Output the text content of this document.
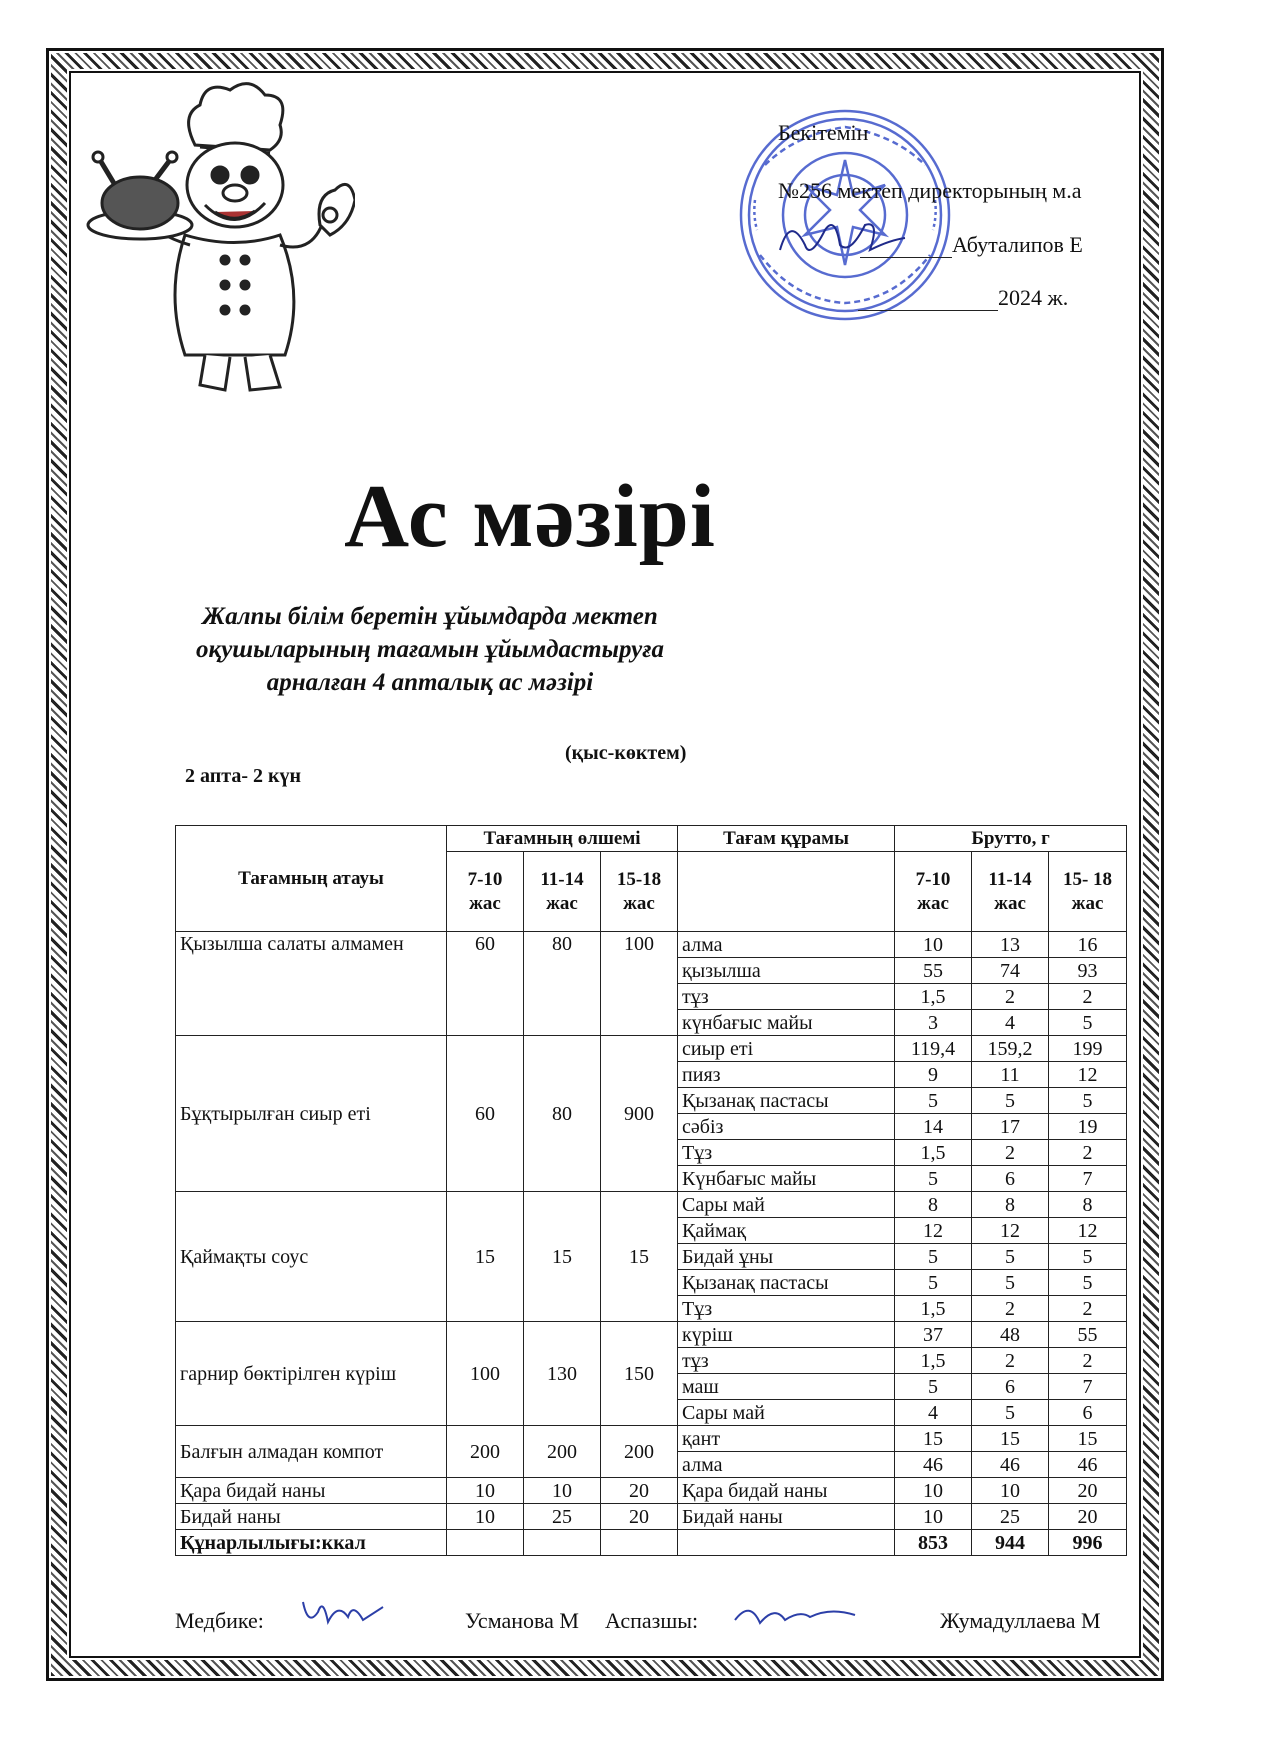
Бекітемін
№256 мектеп директорының м.а
Абуталипов Е
2024 ж.
Ас мәзірі
Жалпы білім беретін ұйымдарда мектеп оқушыларының тағамын ұйымдастыруға арналған 4 апталық ас мәзірі
(қыс-көктем)
2 апта- 2 күн
Тағамның атауы	Тағамның өлшемі			Тағам құрамы	Брутто, г		
	7-10 жас	11-14 жас	15-18 жас		7-10 жас	11-14 жас	15- 18 жас
Қызылша салаты алмамен	60	80	100	алма	10	13	16
				қызылша	55	74	93
				тұз	1,5	2	2
				күнбағыс майы	3	4	5
Бұқтырылған сиыр еті	60	80	900	сиыр еті	119,4	159,2	199
				пияз	9	11	12
				Қызанақ пастасы	5	5	5
				сәбіз	14	17	19
				Тұз	1,5	2	2
				Күнбағыс майы	5	6	7
Қаймақты соус	15	15	15	Сары май	8	8	8
				Қаймақ	12	12	12
				Бидай ұны	5	5	5
				Қызанақ пастасы	5	5	5
				Тұз	1,5	2	2
гарнир бөктірілген күріш	100	130	150	күріш	37	48	55
				тұз	1,5	2	2
				маш	5	6	7
				Сары май	4	5	6
Балғын алмадан компот	200	200	200	қант	15	15	15
				алма	46	46	46
Қара бидай наны	10	10	20	Қара бидай наны	10	10	20
Бидай наны	10	25	20	Бидай наны	10	25	20
Құнарлылығы:ккал					853	944	996
Медбике:	Усманова М Аспазшы:	Жумадуллаева М
